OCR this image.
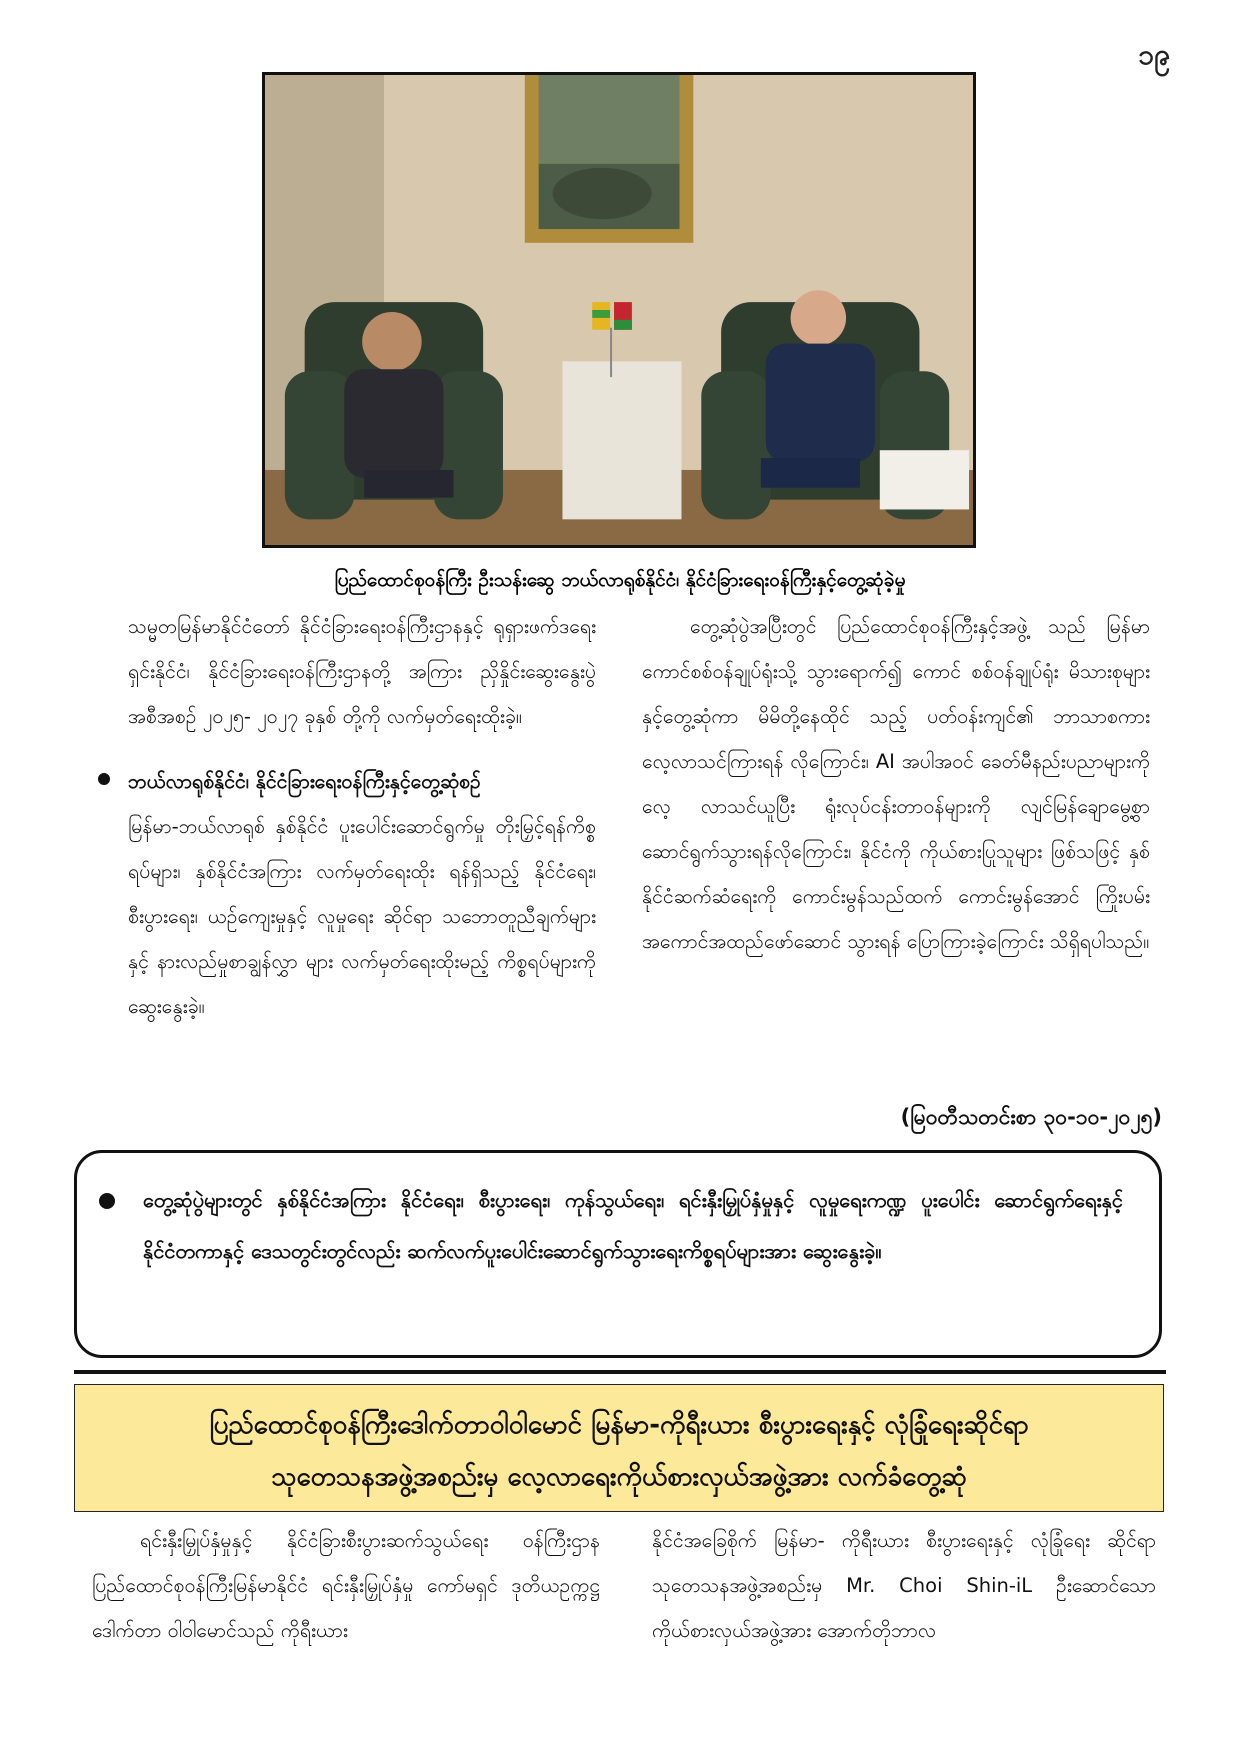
၁၉
ပြည်ထောင်စုဝန်ကြီး ဦးသန်းဆွေ ဘယ်လာရုစ်နိုင်ငံ၊ နိုင်ငံခြားရေးဝန်ကြီးနှင့်တွေ့ဆုံခဲ့မှု

သမ္မတမြန်မာနိုင်ငံတော် နိုင်ငံခြားရေးဝန်ကြီးဌာနနှင့် ရုရှားဖက်ဒရေးရှင်းနိုင်ငံ၊ နိုင်ငံခြားရေးဝန်ကြီးဌာနတို့ အကြား ညှိနှိုင်းဆွေးနွေးပွဲအစီအစဉ် ၂၀၂၅- ၂၀၂၇ ခုနှစ် တို့ကို လက်မှတ်ရေးထိုးခဲ့။

ဘယ်လာရုစ်နိုင်ငံ၊ နိုင်ငံခြားရေးဝန်ကြီးနှင့်တွေ့ဆုံစဉ်

မြန်မာ-ဘယ်လာရုစ် နှစ်နိုင်ငံ ပူးပေါင်းဆောင်ရွက်မှု တိုးမြှင့်ရန်ကိစ္စရပ်များ၊ နှစ်နိုင်ငံအကြား လက်မှတ်ရေးထိုး ရန်ရှိသည့် နိုင်ငံရေး၊ စီးပွားရေး၊ ယဉ်ကျေးမှုနှင့် လူမှုရေး ဆိုင်ရာ သဘောတူညီချက်များနှင့် နားလည်မှုစာချွန်လွှာ များ လက်မှတ်ရေးထိုးမည့် ကိစ္စရပ်များကို ဆွေးနွေးခဲ့။

တွေ့ဆုံပွဲအပြီးတွင် ပြည်ထောင်စုဝန်ကြီးနှင့်အဖွဲ့ သည် မြန်မာကောင်စစ်ဝန်ချုပ်ရုံးသို့ သွားရောက်၍ ကောင် စစ်ဝန်ချုပ်ရုံး မိသားစုများနှင့်တွေ့ဆုံကာ မိမိတို့နေထိုင် သည့် ပတ်ဝန်းကျင်၏ ဘာသာစကားလေ့လာသင်ကြားရန် လိုကြောင်း၊ AI အပါအဝင် ခေတ်မီနည်းပညာများကို လေ့ လာသင်ယူပြီး ရုံးလုပ်ငန်းတာဝန်များကို လျင်မြန်ချောမွေ့စွာ ဆောင်ရွက်သွားရန်လိုကြောင်း၊ နိုင်ငံကို ကိုယ်စားပြုသူများ ဖြစ်သဖြင့် နှစ်နိုင်ငံဆက်ဆံရေးကို ကောင်းမွန်သည်ထက် ကောင်းမွန်အောင် ကြိုးပမ်းအကောင်အထည်ဖော်ဆောင် သွားရန် ပြောကြားခဲ့ကြောင်း သိရှိရပါသည်။

(မြဝတီသတင်းစာ ၃၀-၁၀-၂၀၂၅)
တွေ့ဆုံပွဲများတွင် နှစ်နိုင်ငံအကြား နိုင်ငံရေး၊ စီးပွားရေး၊ ကုန်သွယ်ရေး၊ ရင်းနှီးမြှုပ်နှံမှုနှင့် လူမှုရေးကဏ္ဍ ပူးပေါင်း ဆောင်ရွက်ရေးနှင့် နိုင်ငံတကာနှင့် ဒေသတွင်းတွင်လည်း ဆက်လက်ပူးပေါင်းဆောင်ရွက်သွားရေးကိစ္စရပ်များအား ဆွေးနွေးခဲ့။
ပြည်ထောင်စုဝန်ကြီးဒေါက်တာဝါဝါမောင် မြန်မာ-ကိုရီးယား စီးပွားရေးနှင့် လုံခြုံရေးဆိုင်ရာ
သုတေသနအဖွဲ့အစည်းမှ လေ့လာရေးကိုယ်စားလှယ်အဖွဲ့အား လက်ခံတွေ့ဆုံ

ရင်းနှီးမြှုပ်နှံမှုနှင့် နိုင်ငံခြားစီးပွားဆက်သွယ်ရေး ဝန်ကြီးဌာန ပြည်ထောင်စုဝန်ကြီးမြန်မာနိုင်ငံ ရင်းနှီးမြှုပ်နှံမှု ကော်မရှင် ဒုတိယဥက္ကဋ္ဌ ဒေါက်တာ ဝါဝါမောင်သည် ကိုရီးယား

နိုင်ငံအခြေစိုက် မြန်မာ- ကိုရီးယား စီးပွားရေးနှင့် လုံခြုံရေး ဆိုင်ရာ သုတေသနအဖွဲ့အစည်းမှ Mr. Choi Shin-iL ဦးဆောင်သော ကိုယ်စားလှယ်အဖွဲ့အား အောက်တိုဘာလ
